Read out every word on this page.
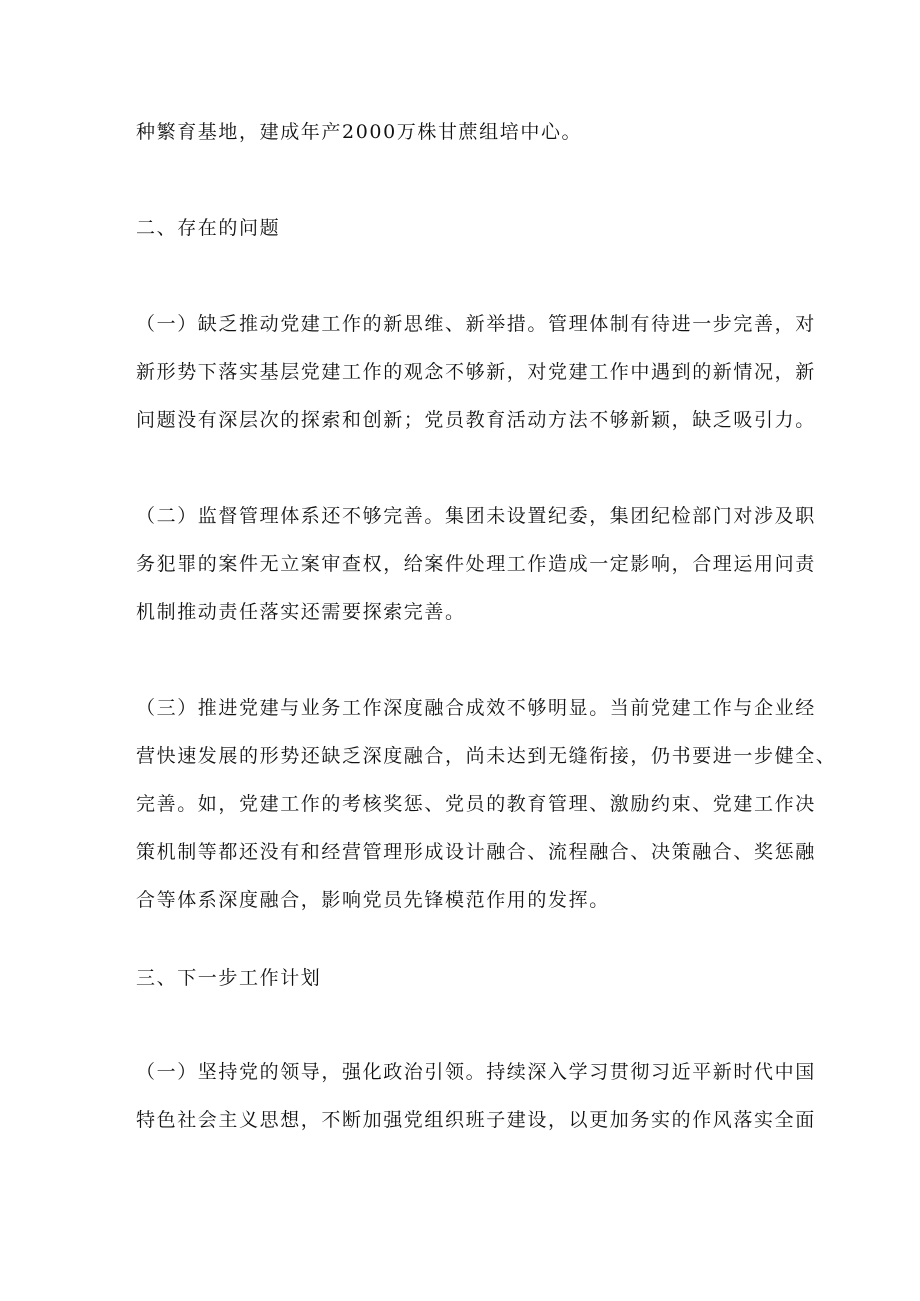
种繁育基地，建成年产2000万株甘蔗组培中心。
二、存在的问题
（一）缺乏推动党建工作的新思维、新举措。管理体制有待进一步完善，对
新形势下落实基层党建工作的观念不够新，对党建工作中遇到的新情况，新
问题没有深层次的探索和创新；党员教育活动方法不够新颖，缺乏吸引力。
（二）监督管理体系还不够完善。集团未设置纪委，集团纪检部门对涉及职
务犯罪的案件无立案审查权，给案件处理工作造成一定影响，合理运用问责
机制推动责任落实还需要探索完善。
（三）推进党建与业务工作深度融合成效不够明显。当前党建工作与企业经
营快速发展的形势还缺乏深度融合，尚未达到无缝衔接，仍书要进一步健全、
完善。如，党建工作的考核奖惩、党员的教育管理、激励约束、党建工作决
策机制等都还没有和经营管理形成设计融合、流程融合、决策融合、奖惩融
合等体系深度融合，影响党员先锋模范作用的发挥。
三、下一步工作计划
（一）坚持党的领导，强化政治引领。持续深入学习贯彻习近平新时代中国
特色社会主义思想，不断加强党组织班子建设，以更加务实的作风落实全面
